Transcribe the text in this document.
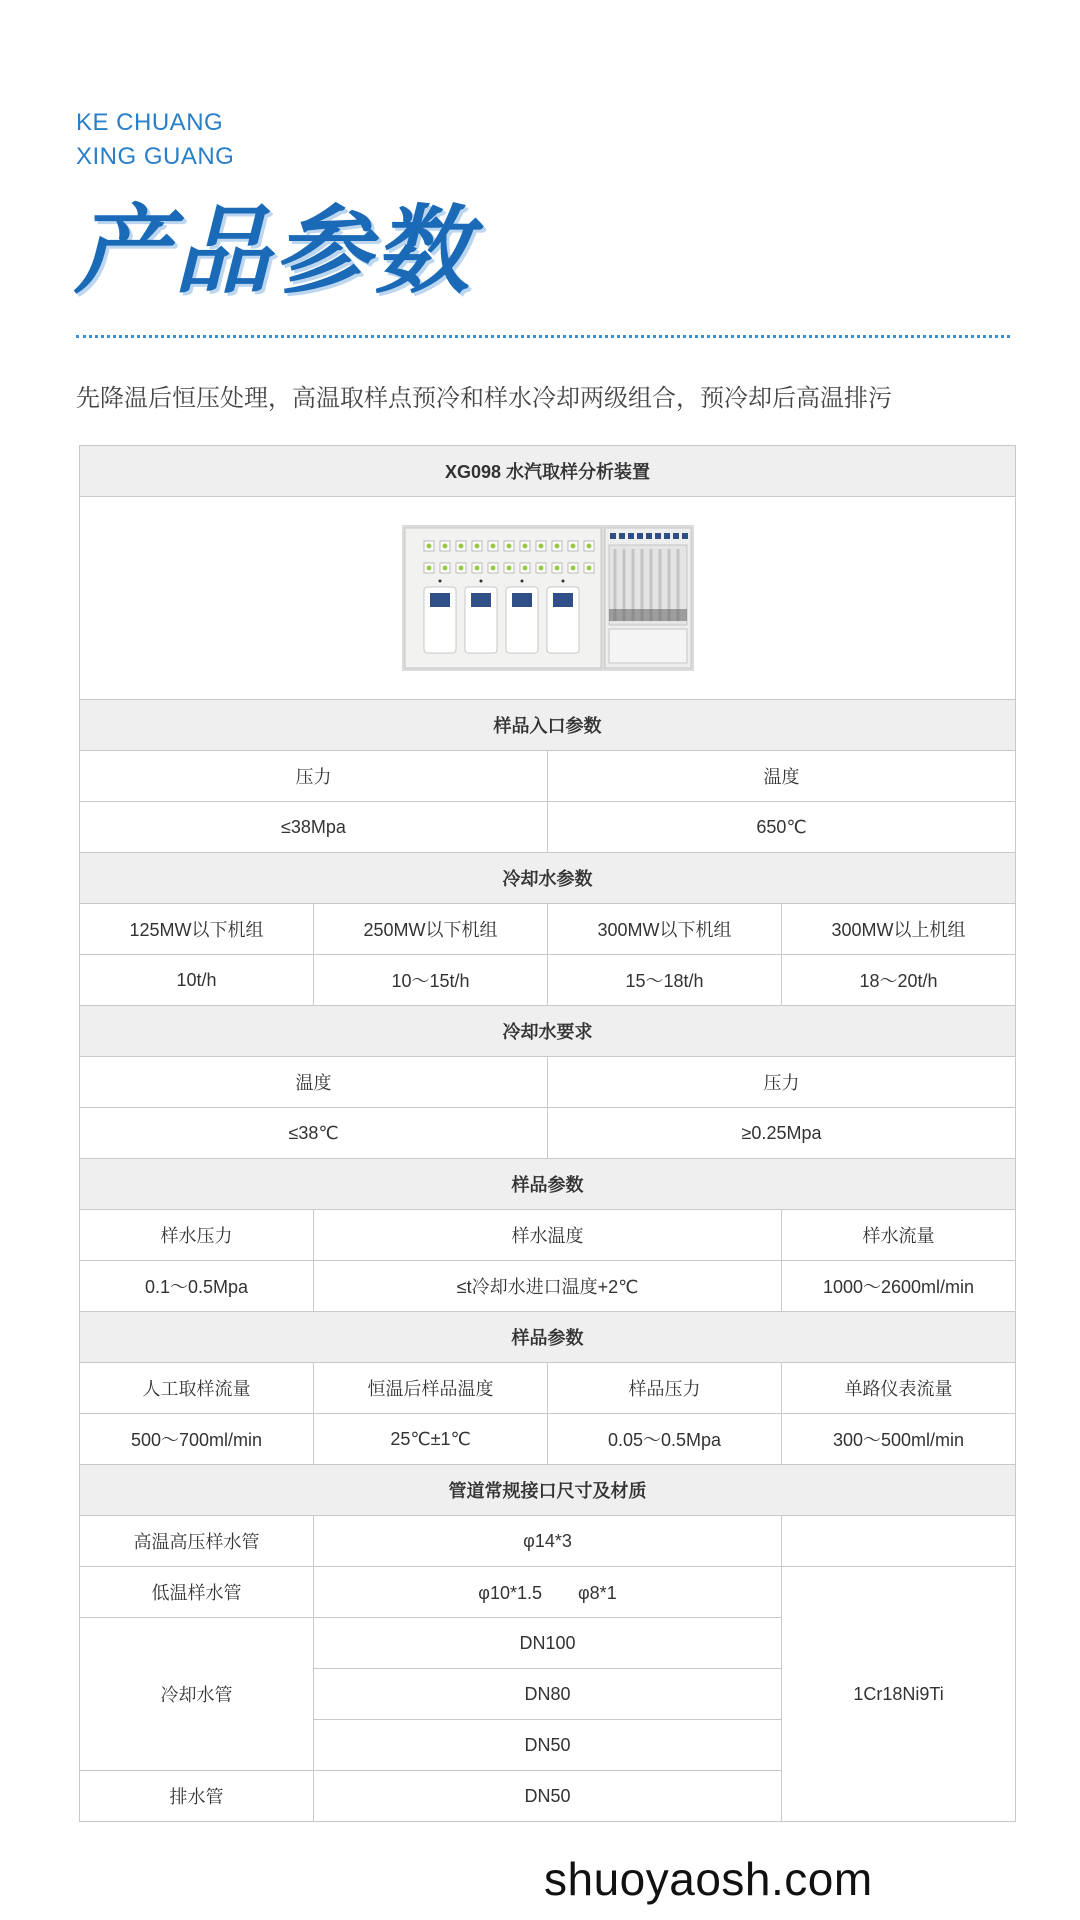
KE CHUANG
XING GUANG
产品参数
先降温后恒压处理，高温取样点预冷和样水冷却两级组合，预冷却后高温排污
XG098 水汽取样分析装置			

样品入口参数			
压力		温度	
≤38Mpa		650℃	
冷却水参数			
125MW以下机组	250MW以下机组	300MW以下机组	300MW以上机组
10t/h	10～15t/h	15～18t/h	18～20t/h
冷却水要求			
温度		压力	
≤38℃		≥0.25Mpa	
样品参数			
样水压力	样水温度		样水流量
0.1～0.5Mpa	≤t冷却水进口温度+2℃		1000～2600ml/min
样品参数			
人工取样流量	恒温后样品温度	样品压力	单路仪表流量
500～700ml/min	25℃±1℃	0.05～0.5Mpa	300～500ml/min
管道常规接口尺寸及材质			
高温高压样水管	φ14*3		
低温样水管	φ10*1.5　　φ8*1		1Cr18Ni9Ti
冷却水管	DN100		
	DN80		
	DN50		
排水管	DN50		
shuoyaosh.com
